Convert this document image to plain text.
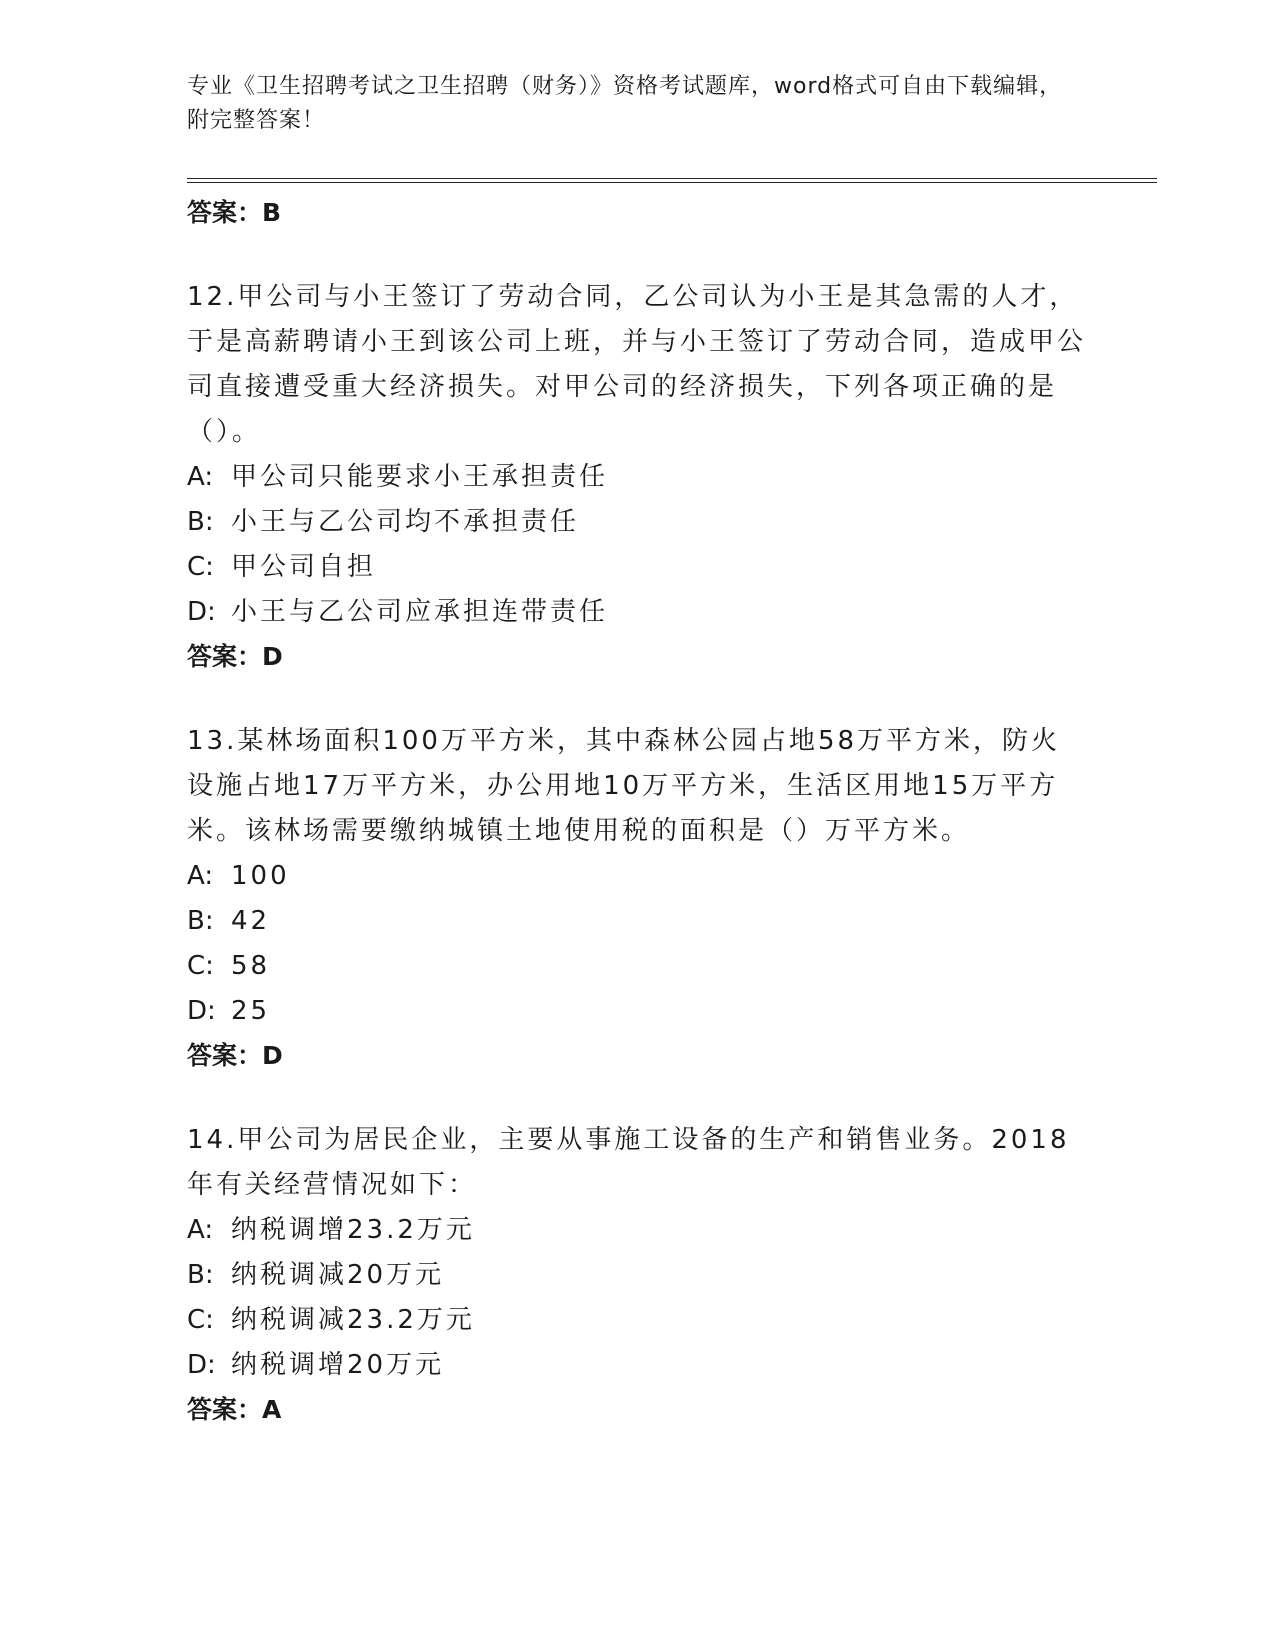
专业《卫生招聘考试之卫生招聘（财务）》资格考试题库，word格式可自由下载编辑，附完整答案！

答案：B

12.甲公司与小王签订了劳动合同，乙公司认为小王是其急需的人才，于是高薪聘请小王到该公司上班，并与小王签订了劳动合同，造成甲公司直接遭受重大经济损失。对甲公司的经济损失，下列各项正确的是（）。

A: 甲公司只能要求小王承担责任
B: 小王与乙公司均不承担责任
C: 甲公司自担
D: 小王与乙公司应承担连带责任

答案：D

13.某林场面积100万平方米，其中森林公园占地58万平方米，防火设施占地17万平方米，办公用地10万平方米，生活区用地15万平方米。该林场需要缴纳城镇土地使用税的面积是（）万平方米。

A: 100
B: 42
C: 58
D: 25

答案：D

14.甲公司为居民企业，主要从事施工设备的生产和销售业务。2018年有关经营情况如下：

A: 纳税调增23.2万元
B: 纳税调减20万元
C: 纳税调减23.2万元
D: 纳税调增20万元

答案：A
